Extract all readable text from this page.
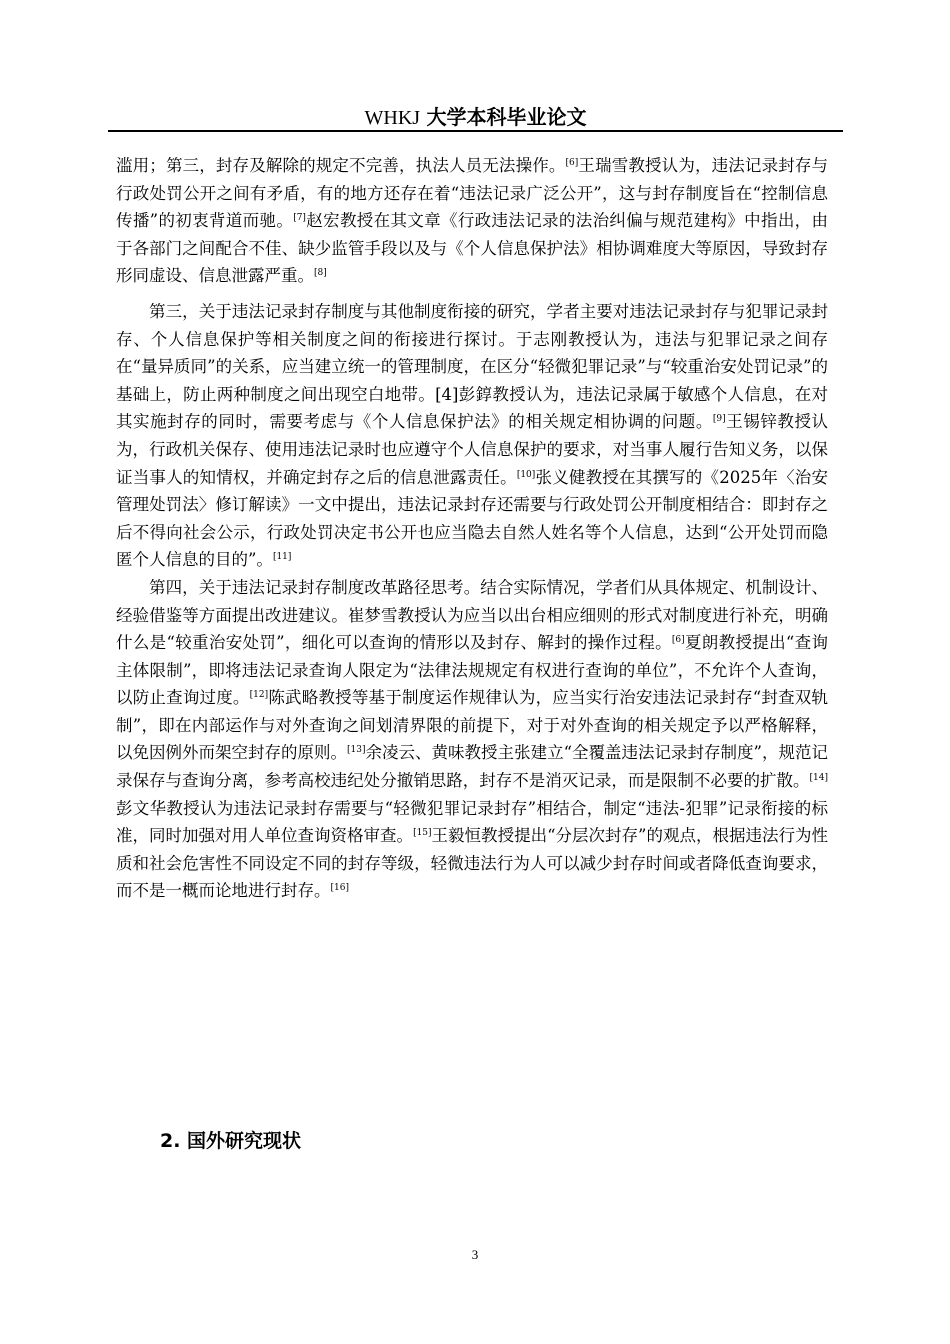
WHKJ 大学本科毕业论文

滥用；第三，封存及解除的规定不完善，执法人员无法操作。[6]王瑞雪教授认为，违法记录封存与行政处罚公开之间有矛盾，有的地方还存在着“违法记录广泛公开”，这与封存制度旨在“控制信息传播”的初衷背道而驰。[7]赵宏教授在其文章《行政违法记录的法治纠偏与规范建构》中指出，由于各部门之间配合不佳、缺少监管手段以及与《个人信息保护法》相协调难度大等原因，导致封存形同虚设、信息泄露严重。[8]

第三，关于违法记录封存制度与其他制度衔接的研究，学者主要对违法记录封存与犯罪记录封存、个人信息保护等相关制度之间的衔接进行探讨。于志刚教授认为，违法与犯罪记录之间存在“量异质同”的关系，应当建立统一的管理制度，在区分“轻微犯罪记录”与“较重治安处罚记录”的基础上，防止两种制度之间出现空白地带。[4]彭錞教授认为，违法记录属于敏感个人信息，在对其实施封存的同时，需要考虑与《个人信息保护法》的相关规定相协调的问题。[9]王锡锌教授认为，行政机关保存、使用违法记录时也应遵守个人信息保护的要求，对当事人履行告知义务，以保证当事人的知情权，并确定封存之后的信息泄露责任。[10]张义健教授在其撰写的《2025年〈治安管理处罚法〉修订解读》一文中提出，违法记录封存还需要与行政处罚公开制度相结合：即封存之后不得向社会公示，行政处罚决定书公开也应当隐去自然人姓名等个人信息，达到“公开处罚而隐匿个人信息的目的”。[11]

第四，关于违法记录封存制度改革路径思考。结合实际情况，学者们从具体规定、机制设计、经验借鉴等方面提出改进建议。崔梦雪教授认为应当以出台相应细则的形式对制度进行补充，明确什么是“较重治安处罚”，细化可以查询的情形以及封存、解封的操作过程。[6]夏朗教授提出“查询主体限制”，即将违法记录查询人限定为“法律法规规定有权进行查询的单位”，不允许个人查询，以防止查询过度。[12]陈武略教授等基于制度运作规律认为，应当实行治安违法记录封存“封查双轨制”，即在内部运作与对外查询之间划清界限的前提下，对于对外查询的相关规定予以严格解释，以免因例外而架空封存的原则。[13]余凌云、黄味教授主张建立“全覆盖违法记录封存制度”，规范记录保存与查询分离，参考高校违纪处分撤销思路，封存不是消灭记录，而是限制不必要的扩散。[14]彭文华教授认为违法记录封存需要与“轻微犯罪记录封存”相结合，制定“违法-犯罪”记录衔接的标准，同时加强对用人单位查询资格审查。[15]王毅恒教授提出“分层次封存”的观点，根据违法行为性质和社会危害性不同设定不同的封存等级，轻微违法行为人可以减少封存时间或者降低查询要求，而不是一概而论地进行封存。[16]

2. 国外研究现状
3
